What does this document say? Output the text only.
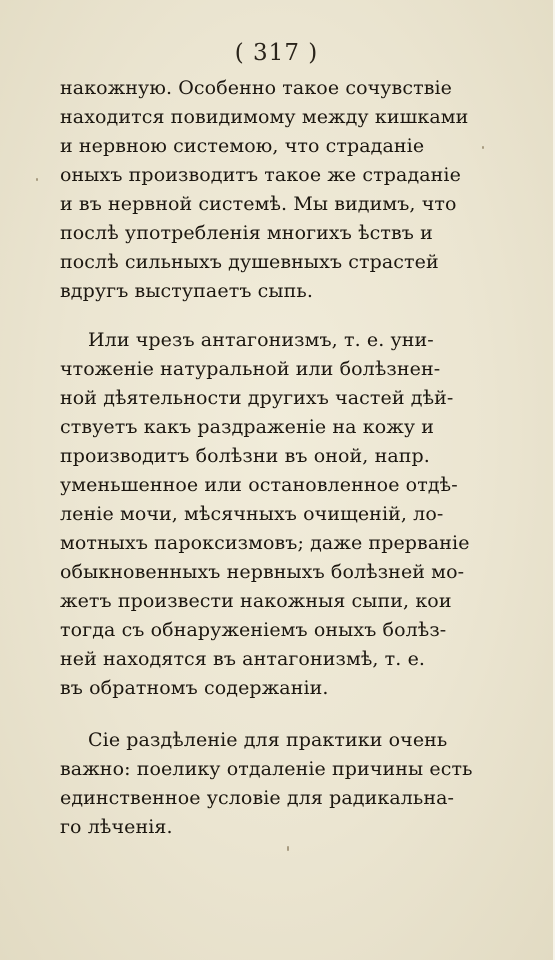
( 317 )
накожную. Особенно такое сочувствіе
находится повидимому между кишками
и нервною системою, что страданіе
оныхъ производитъ такое же страданіе
и въ нервной системѣ. Мы видимъ, что
послѣ употребленія многихъ ѣствъ и
послѣ сильныхъ душевныхъ страстей
вдругъ выступаетъ сыпь.
Или чрезъ антагонизмъ, т. е. уни-
чтоженіе натуральной или болѣзнен-
ной дѣятельности другихъ частей дѣй-
ствуетъ какъ раздраженіе на кожу и
производитъ болѣзни въ оной, напр.
уменьшенное или остановленное отдѣ-
леніе мочи, мѣсячныхъ очищеній, ло-
мотныхъ пароксизмовъ; даже прерваніе
обыкновенныхъ нервныхъ болѣзней мо-
жетъ произвести накожныя сыпи, кои
тогда съ обнаруженіемъ оныхъ болѣз-
ней находятся въ антагонизмѣ, т. е.
въ обратномъ содержаніи.
Сіе раздѣленіе для практики очень
важно: поелику отдаленіе причины есть
единственное условіе для радикальна-
го лѣченія.
